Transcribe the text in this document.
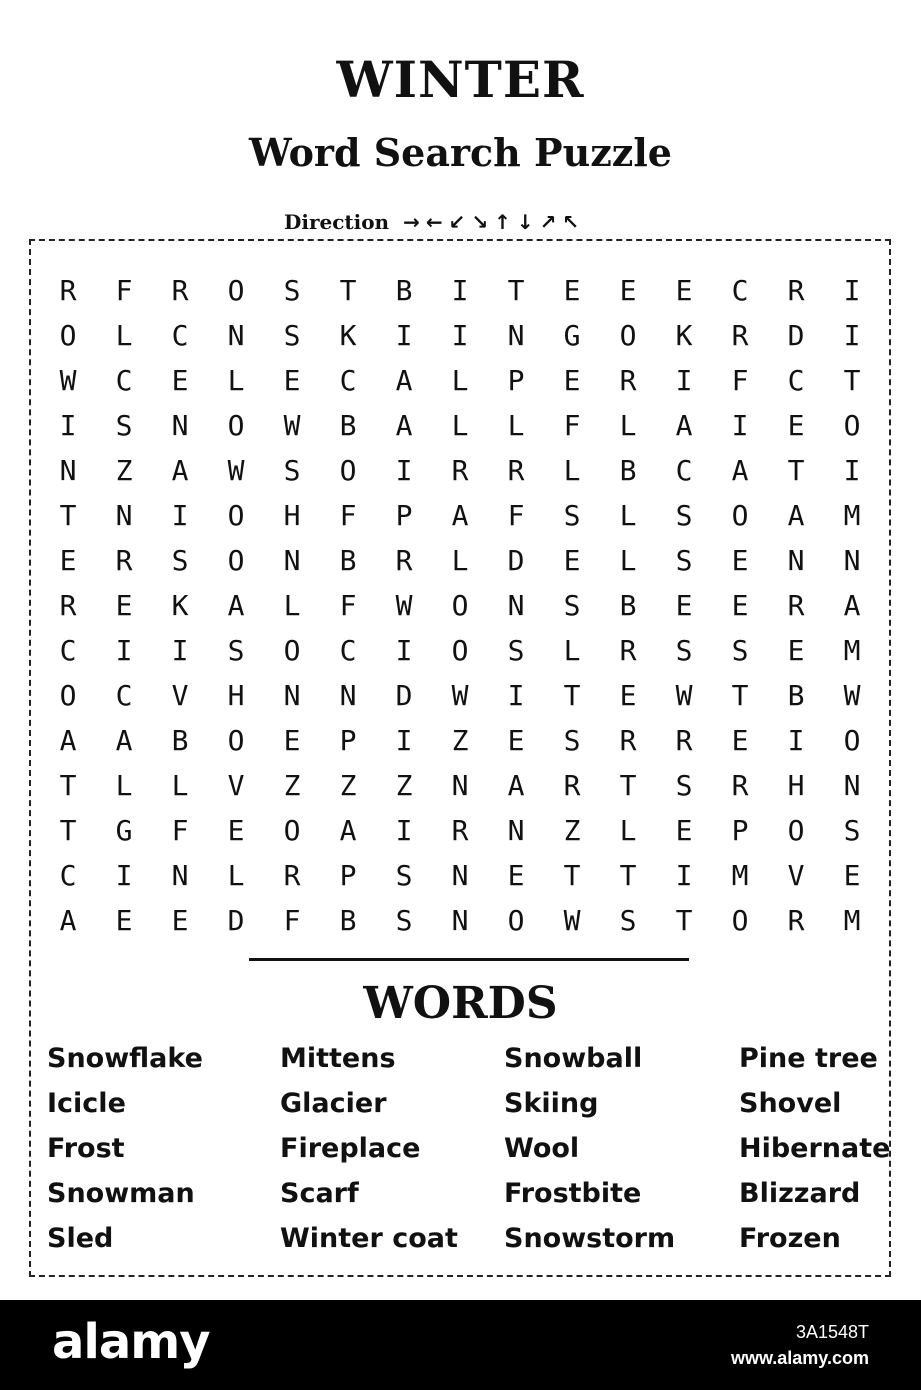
WINTER
Word Search Puzzle
Direction →←↙↘↑↓↗↖
R	F	R	O	S	T	B	I	T	E	E	E	C	R	I
O	L	C	N	S	K	I	I	N	G	O	K	R	D	I
W	C	E	L	E	C	A	L	P	E	R	I	F	C	T
I	S	N	O	W	B	A	L	L	F	L	A	I	E	O
N	Z	A	W	S	O	I	R	R	L	B	C	A	T	I
T	N	I	O	H	F	P	A	F	S	L	S	O	A	M
E	R	S	O	N	B	R	L	D	E	L	S	E	N	N
R	E	K	A	L	F	W	O	N	S	B	E	E	R	A
C	I	I	S	O	C	I	O	S	L	R	S	S	E	M
O	C	V	H	N	N	D	W	I	T	E	W	T	B	W
A	A	B	O	E	P	I	Z	E	S	R	R	E	I	O
T	L	L	V	Z	Z	Z	N	A	R	T	S	R	H	N
T	G	F	E	O	A	I	R	N	Z	L	E	P	O	S
C	I	N	L	R	P	S	N	E	T	T	I	M	V	E
A	E	E	D	F	B	S	N	O	W	S	T	O	R	M
WORDS
Snowflake	Mittens	Snowball	Pine tree
Icicle	Glacier	Skiing	Shovel
Frost	Fireplace	Wool	Hibernate
Snowman	Scarf	Frostbite	Blizzard
Sled	Winter coat	Snowstorm	Frozen
alamy	3A1548T
www.alamy.com
